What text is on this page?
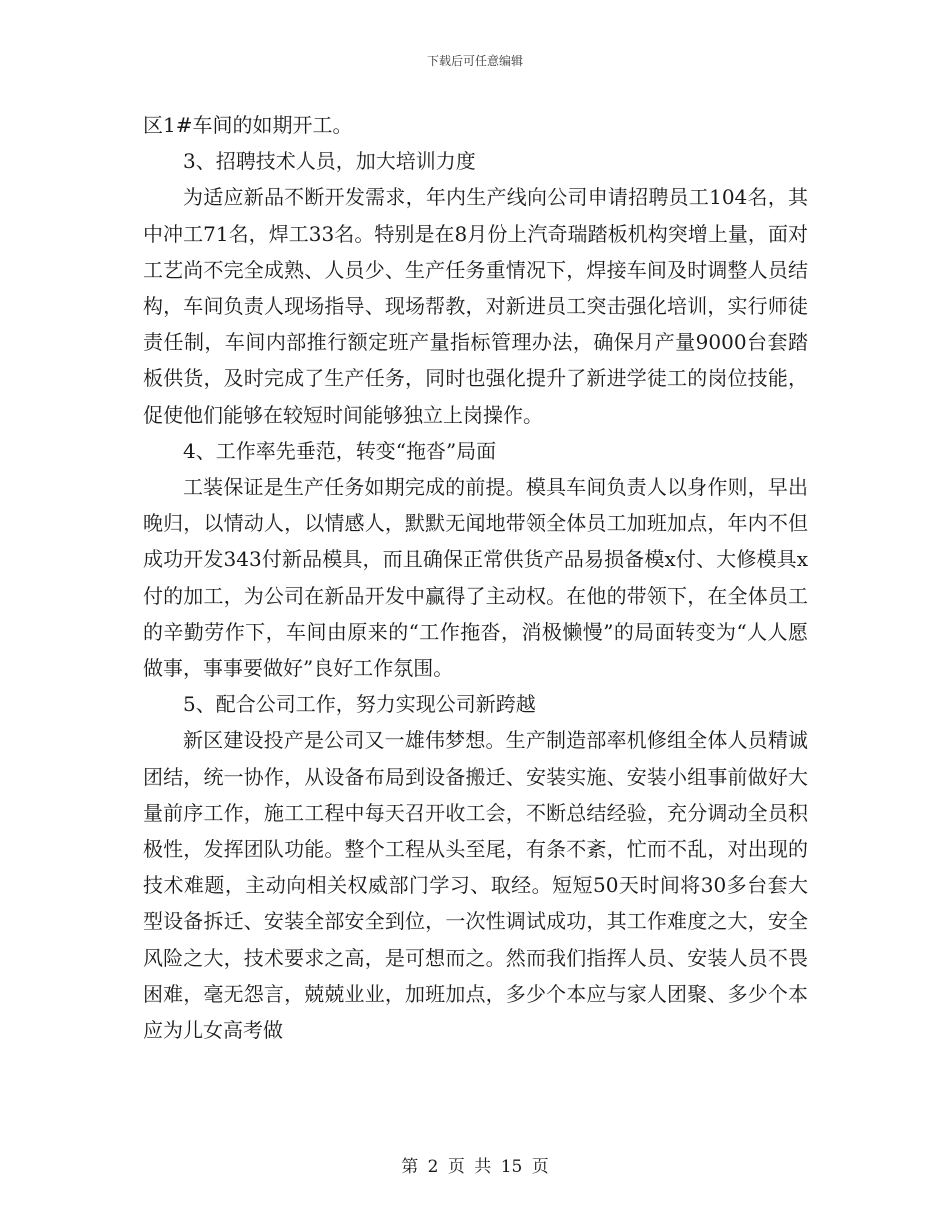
下载后可任意编辑

区1#车间的如期开工。

3、招聘技术人员，加大培训力度

为适应新品不断开发需求，年内生产线向公司申请招聘员工104名，其中冲工71名，焊工33名。特别是在8月份上汽奇瑞踏板机构突增上量，面对工艺尚不完全成熟、人员少、生产任务重情况下，焊接车间及时调整人员结构，车间负责人现场指导、现场帮教，对新进员工突击强化培训，实行师徒责任制，车间内部推行额定班产量指标管理办法，确保月产量9000台套踏板供货，及时完成了生产任务，同时也强化提升了新进学徒工的岗位技能，促使他们能够在较短时间能够独立上岗操作。

4、工作率先垂范，转变“拖沓”局面

工装保证是生产任务如期完成的前提。模具车间负责人以身作则，早出晚归，以情动人，以情感人，默默无闻地带领全体员工加班加点，年内不但成功开发343付新品模具，而且确保正常供货产品易损备模x付、大修模具x付的加工，为公司在新品开发中赢得了主动权。在他的带领下，在全体员工的辛勤劳作下，车间由原来的“工作拖沓，消极懒慢”的局面转变为“人人愿做事，事事要做好”良好工作氛围。

5、配合公司工作，努力实现公司新跨越

新区建设投产是公司又一雄伟梦想。生产制造部率机修组全体人员精诚团结，统一协作，从设备布局到设备搬迁、安装实施、安装小组事前做好大量前序工作，施工工程中每天召开收工会，不断总结经验，充分调动全员积极性，发挥团队功能。整个工程从头至尾，有条不紊，忙而不乱，对出现的技术难题，主动向相关权威部门学习、取经。短短50天时间将30多台套大型设备拆迁、安装全部安全到位，一次性调试成功，其工作难度之大，安全风险之大，技术要求之高，是可想而之。然而我们指挥人员、安装人员不畏困难，毫无怨言，兢兢业业，加班加点，多少个本应与家人团聚、多少个本应为儿女高考做

第 2 页 共 15 页
